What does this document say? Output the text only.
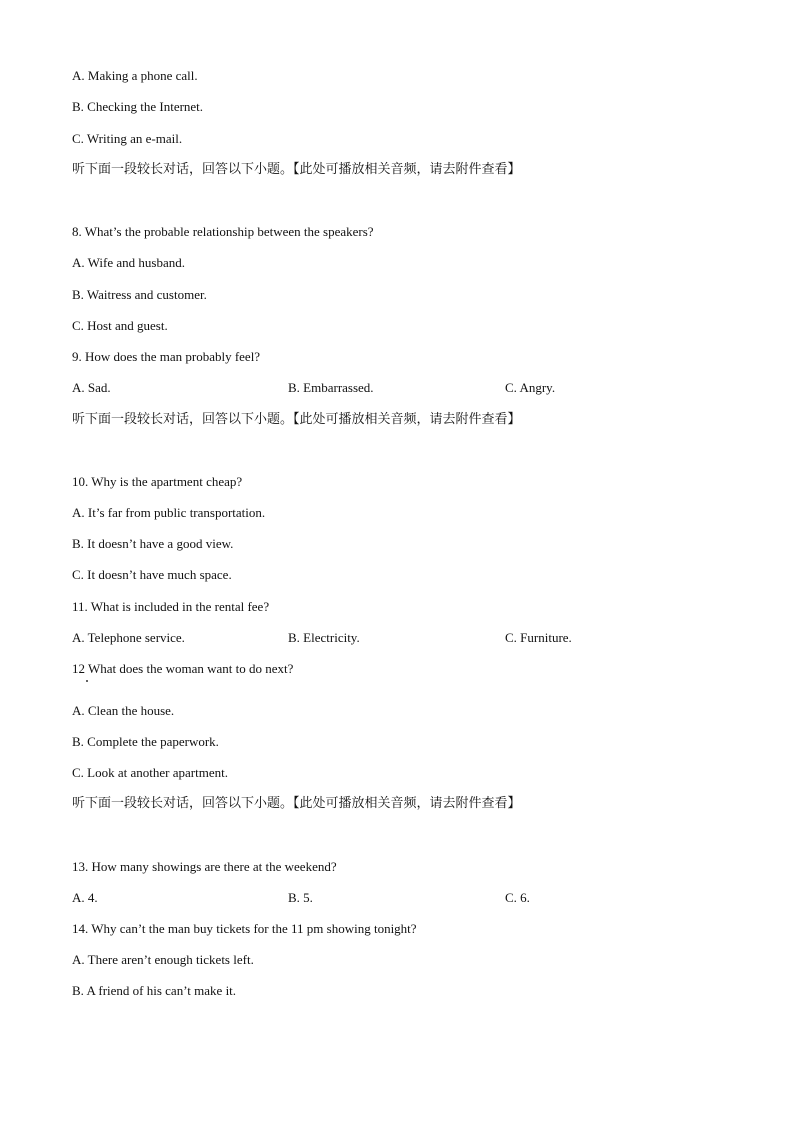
A. Making a phone call.
B. Checking the Internet.
C. Writing an e-mail.
听下面一段较长对话，回答以下小题。【此处可播放相关音频，请去附件查看】
8. What’s the probable relationship between the speakers?
A. Wife and husband.
B. Waitress and customer.
C. Host and guest.
9. How does the man probably feel?
A. Sad.	B. Embarrassed.	C. Angry.
听下面一段较长对话，回答以下小题。【此处可播放相关音频，请去附件查看】
10. Why is the apartment cheap?
A. It’s far from public transportation.
B. It doesn’t have a good view.
C. It doesn’t have much space.
11. What is included in the rental fee?
A. Telephone service.	B. Electricity.	C. Furniture.
12 What does the woman want to do next?
A. Clean the house.
B. Complete the paperwork.
C. Look at another apartment.
听下面一段较长对话，回答以下小题。【此处可播放相关音频，请去附件查看】
13. How many showings are there at the weekend?
A. 4.	B. 5.	C. 6.
14. Why can’t the man buy tickets for the 11 pm showing tonight?
A. There aren’t enough tickets left.
B. A friend of his can’t make it.
